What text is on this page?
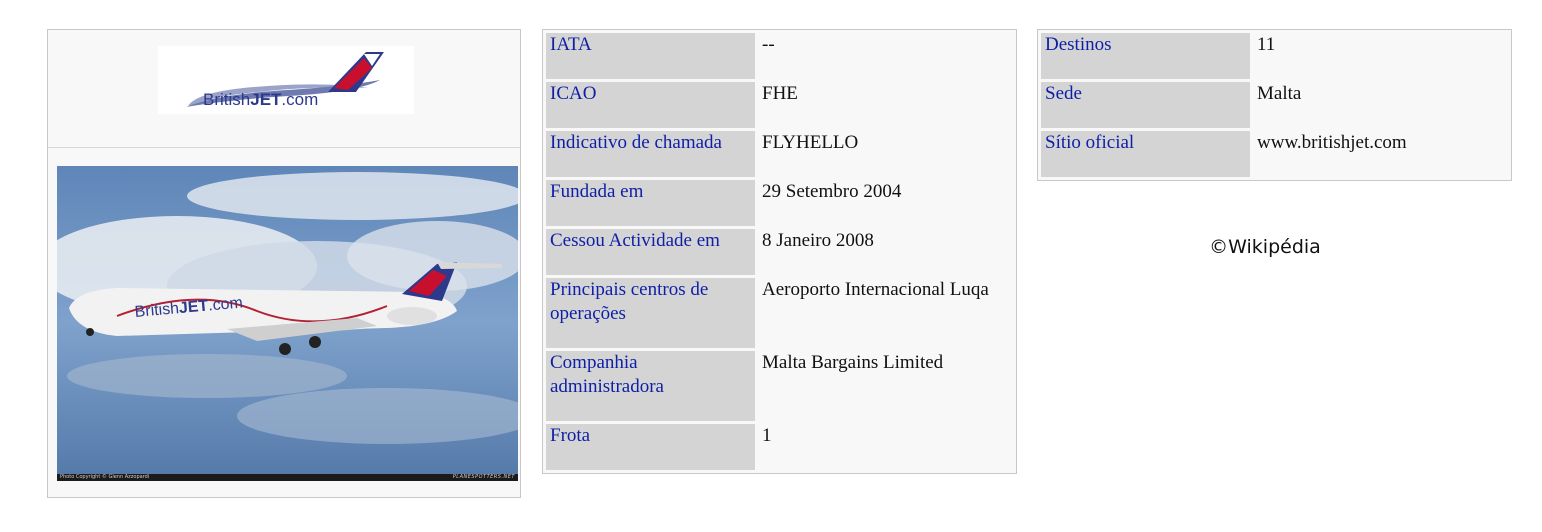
BritishJET.com
BritishJET.com
Photo Copyright © Glenn Azzopardi	PLANESPOTTERS.NET
IATA	--
ICAO	FHE
Indicativo de chamada	FLYHELLO
Fundada em	29 Setembro 2004
Cessou Actividade em	8 Janeiro 2008
Principais centros de operações	Aeroporto Internacional Luqa
Companhia administradora	Malta Bargains Limited
Frota	1
Destinos	11
Sede	Malta
Sítio oficial	www.britishjet.com
©Wikipédia
